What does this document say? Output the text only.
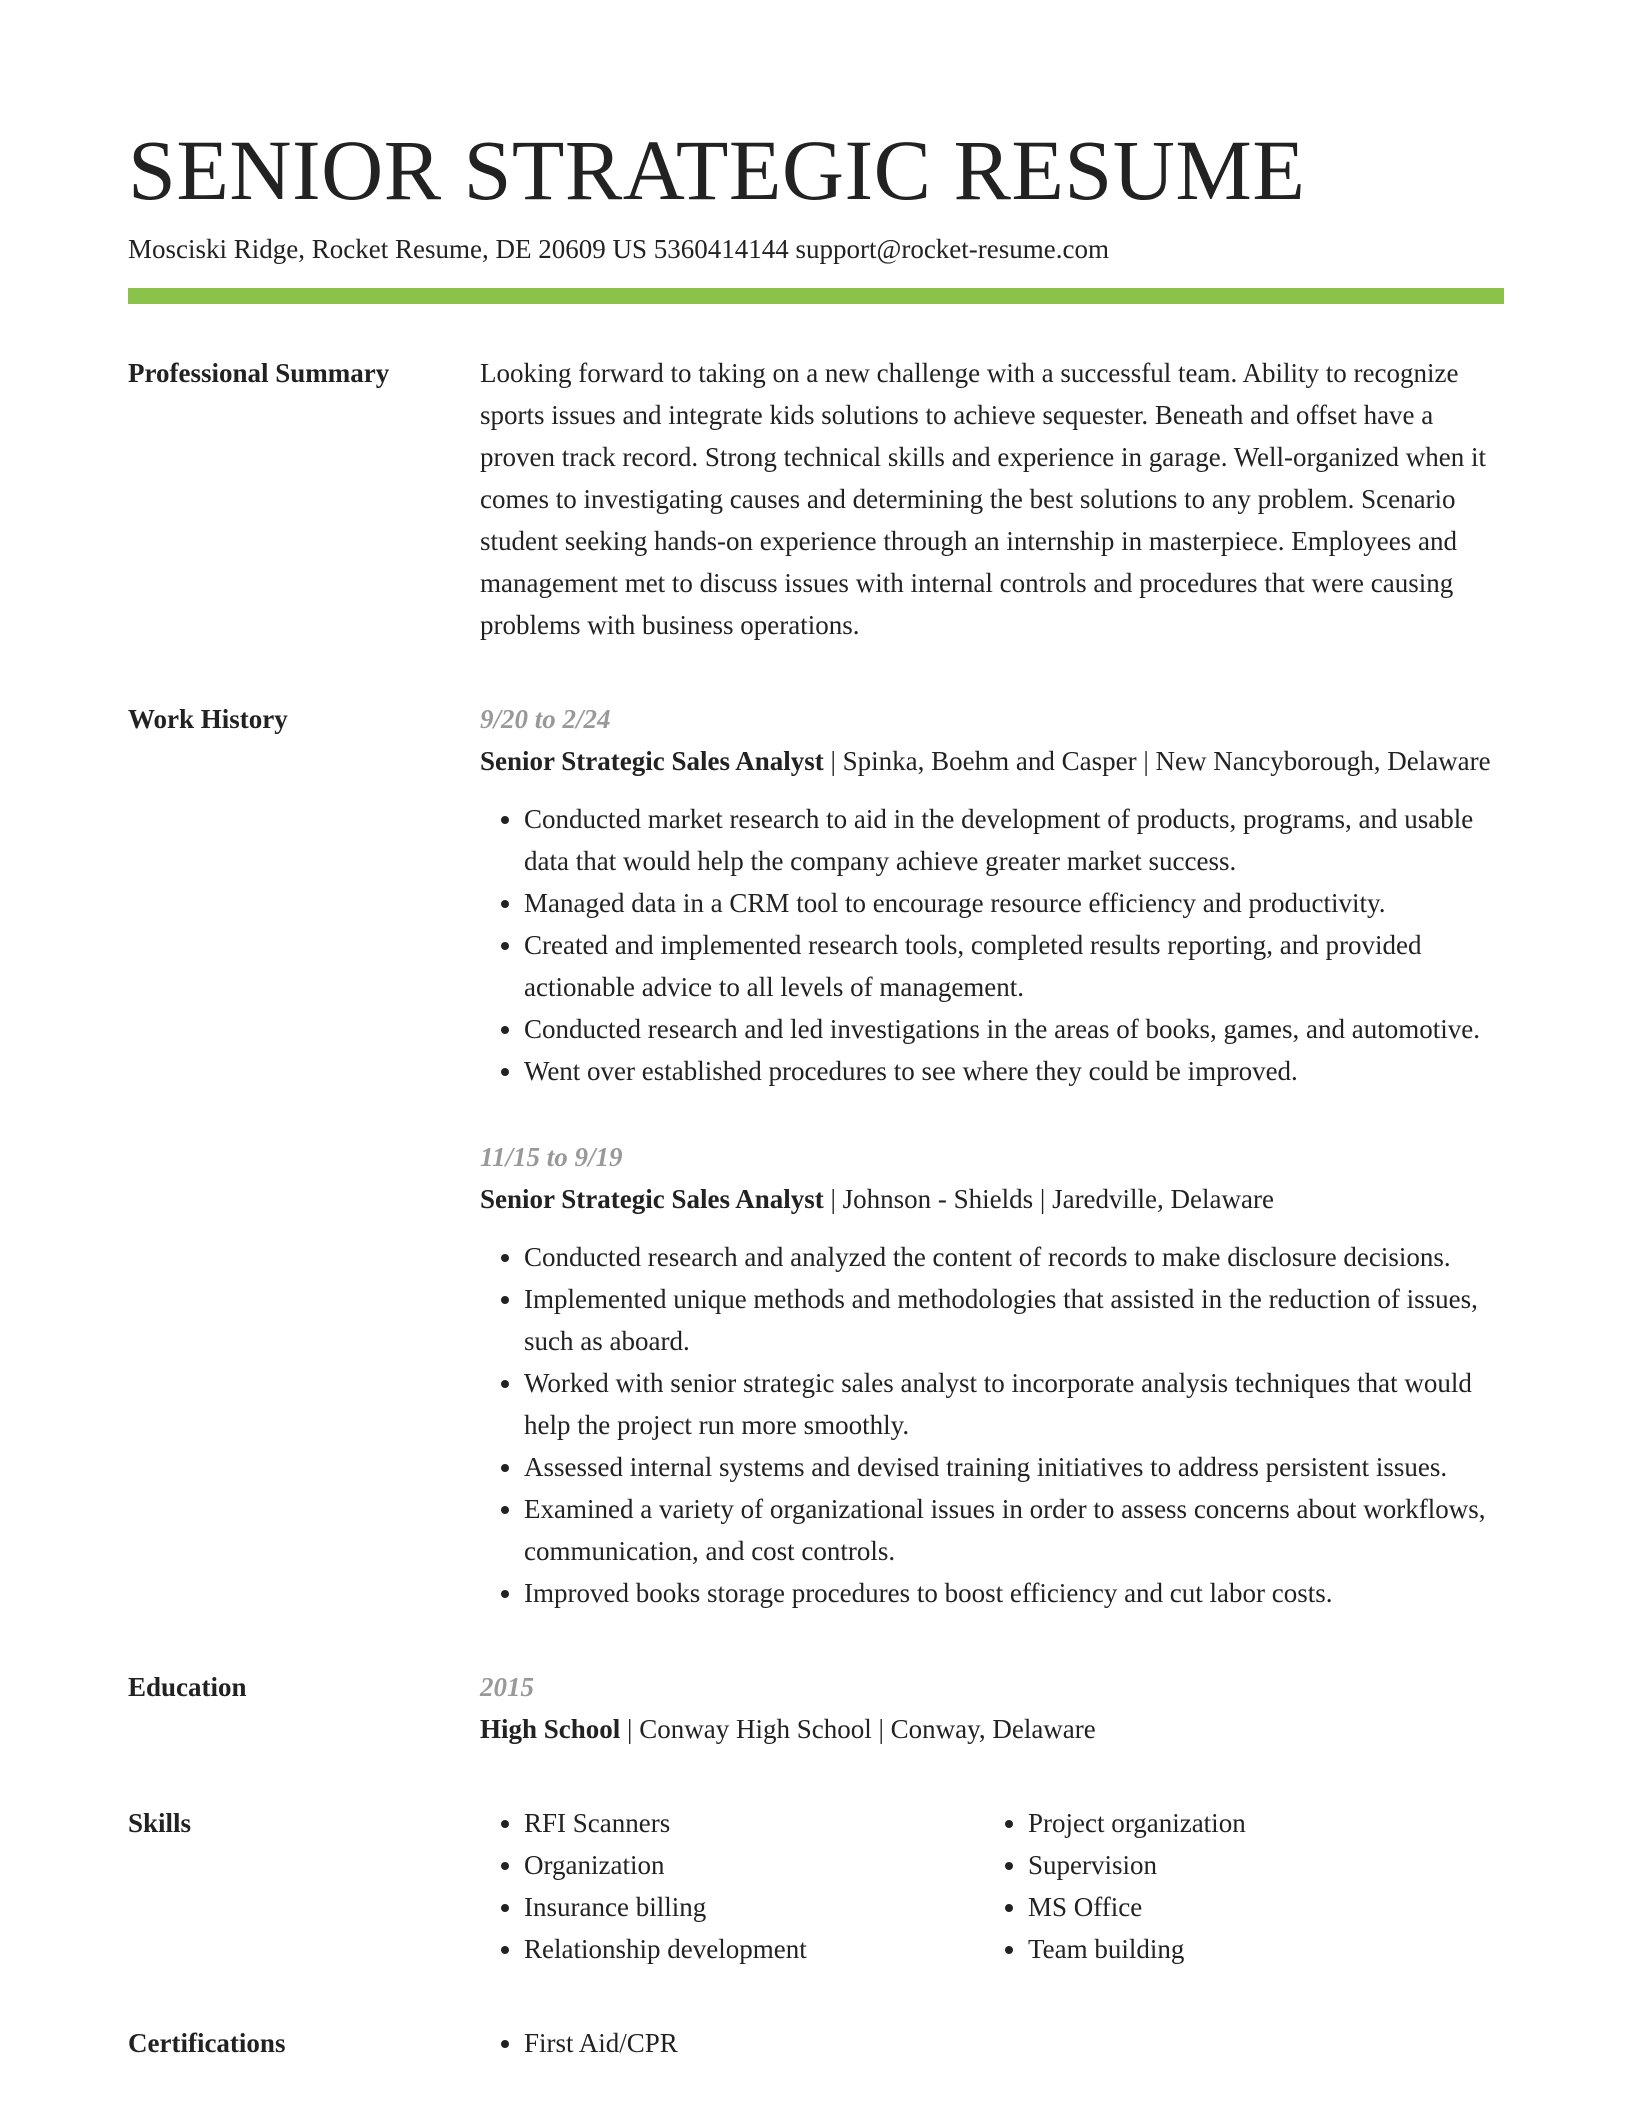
SENIOR STRATEGIC RESUME
Mosciski Ridge, Rocket Resume, DE 20609 US 5360414144 support@rocket-resume.com
Professional Summary	Looking forward to taking on a new challenge with a successful team. Ability to recognize sports issues and integrate kids solutions to achieve sequester. Beneath and offset have a proven track record. Strong technical skills and experience in garage. Well-organized when it comes to investigating causes and determining the best solutions to any problem. Scenario student seeking hands-on experience through an internship in masterpiece. Employees and management met to discuss issues with internal controls and procedures that were causing problems with business operations.

Work History	9/20 to 2/24

Senior Strategic Sales Analyst | Spinka, Boehm and Casper | New Nancyborough, Delaware

• Conducted market research to aid in the development of products, programs, and usable data that would help the company achieve greater market success.
• Managed data in a CRM tool to encourage resource efficiency and productivity.
• Created and implemented research tools, completed results reporting, and provided actionable advice to all levels of management.
• Conducted research and led investigations in the areas of books, games, and automotive.
• Went over established procedures to see where they could be improved.
11/15 to 9/19

Senior Strategic Sales Analyst | Johnson - Shields | Jaredville, Delaware

• Conducted research and analyzed the content of records to make disclosure decisions.
• Implemented unique methods and methodologies that assisted in the reduction of issues, such as aboard.
• Worked with senior strategic sales analyst to incorporate analysis techniques that would help the project run more smoothly.
• Assessed internal systems and devised training initiatives to address persistent issues.
• Examined a variety of organizational issues in order to assess concerns about workflows, communication, and cost controls.
• Improved books storage procedures to boost efficiency and cut labor costs.
Education	2015

High School | Conway High School | Conway, Delaware

Skills	• RFI Scanners
• Organization
• Insurance billing
• Relationship development
• Project organization
• Supervision
• MS Office
• Team building
Certifications	• First Aid/CPR
